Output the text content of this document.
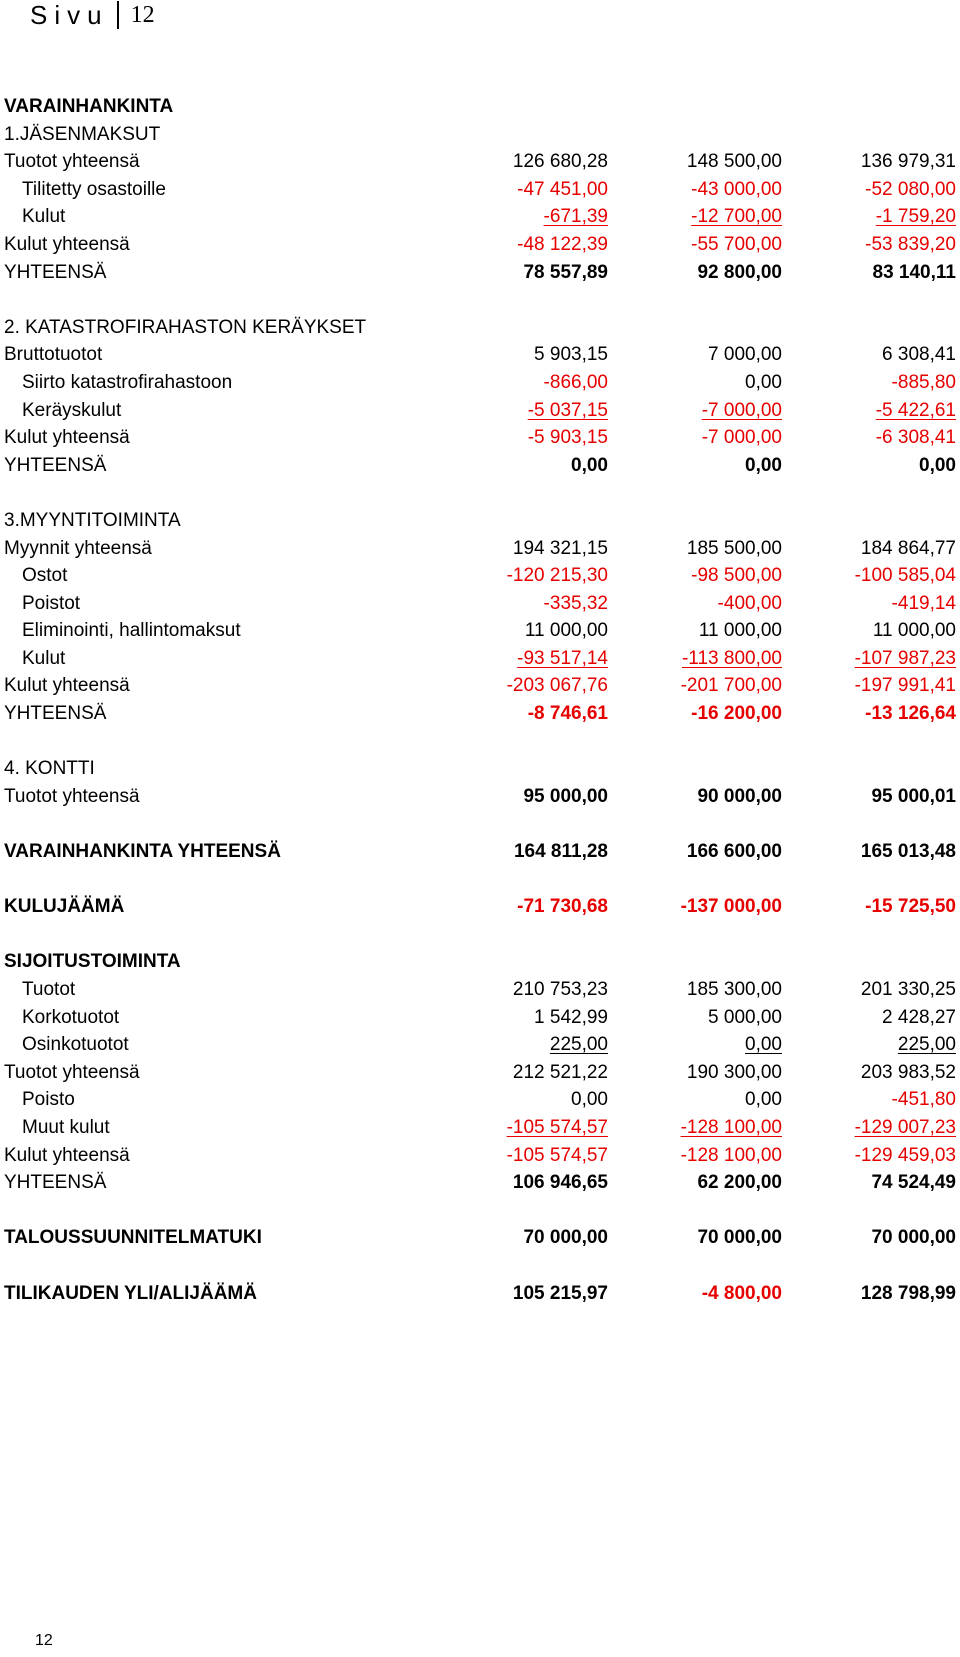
Sivu 12
VARAINHANKINTA
1.JÄSENMAKSUT
Tuotot yhteensä	126 680,28	148 500,00	136 979,31
Tilitetty osastoille	-47 451,00	-43 000,00	-52 080,00
Kulut	-671,39	-12 700,00	-1 759,20
Kulut yhteensä	-48 122,39	-55 700,00	-53 839,20
YHTEENSÄ	78 557,89	92 800,00	83 140,11
2. KATASTROFIRAHASTON KERÄYKSET
Bruttotuotot	5 903,15	7 000,00	6 308,41
Siirto katastrofirahastoon	-866,00	0,00	-885,80
Keräyskulut	-5 037,15	-7 000,00	-5 422,61
Kulut yhteensä	-5 903,15	-7 000,00	-6 308,41
YHTEENSÄ	0,00	0,00	0,00
3.MYYNTITOIMINTA
Myynnit yhteensä	194 321,15	185 500,00	184 864,77
Ostot	-120 215,30	-98 500,00	-100 585,04
Poistot	-335,32	-400,00	-419,14
Eliminointi, hallintomaksut	11 000,00	11 000,00	11 000,00
Kulut	-93 517,14	-113 800,00	-107 987,23
Kulut yhteensä	-203 067,76	-201 700,00	-197 991,41
YHTEENSÄ	-8 746,61	-16 200,00	-13 126,64
4. KONTTI
Tuotot yhteensä	95 000,00	90 000,00	95 000,01
VARAINHANKINTA YHTEENSÄ	164 811,28	166 600,00	165 013,48
KULUJÄÄMÄ	-71 730,68	-137 000,00	-15 725,50
SIJOITUSTOIMINTA
Tuotot	210 753,23	185 300,00	201 330,25
Korkotuotot	1 542,99	5 000,00	2 428,27
Osinkotuotot	225,00	0,00	225,00
Tuotot yhteensä	212 521,22	190 300,00	203 983,52
Poisto	0,00	0,00	-451,80
Muut kulut	-105 574,57	-128 100,00	-129 007,23
Kulut yhteensä	-105 574,57	-128 100,00	-129 459,03
YHTEENSÄ	106 946,65	62 200,00	74 524,49
TALOUSSUUNNITELMATUKI	70 000,00	70 000,00	70 000,00
TILIKAUDEN YLI/ALIJÄÄMÄ	105 215,97	-4 800,00	128 798,99
12
